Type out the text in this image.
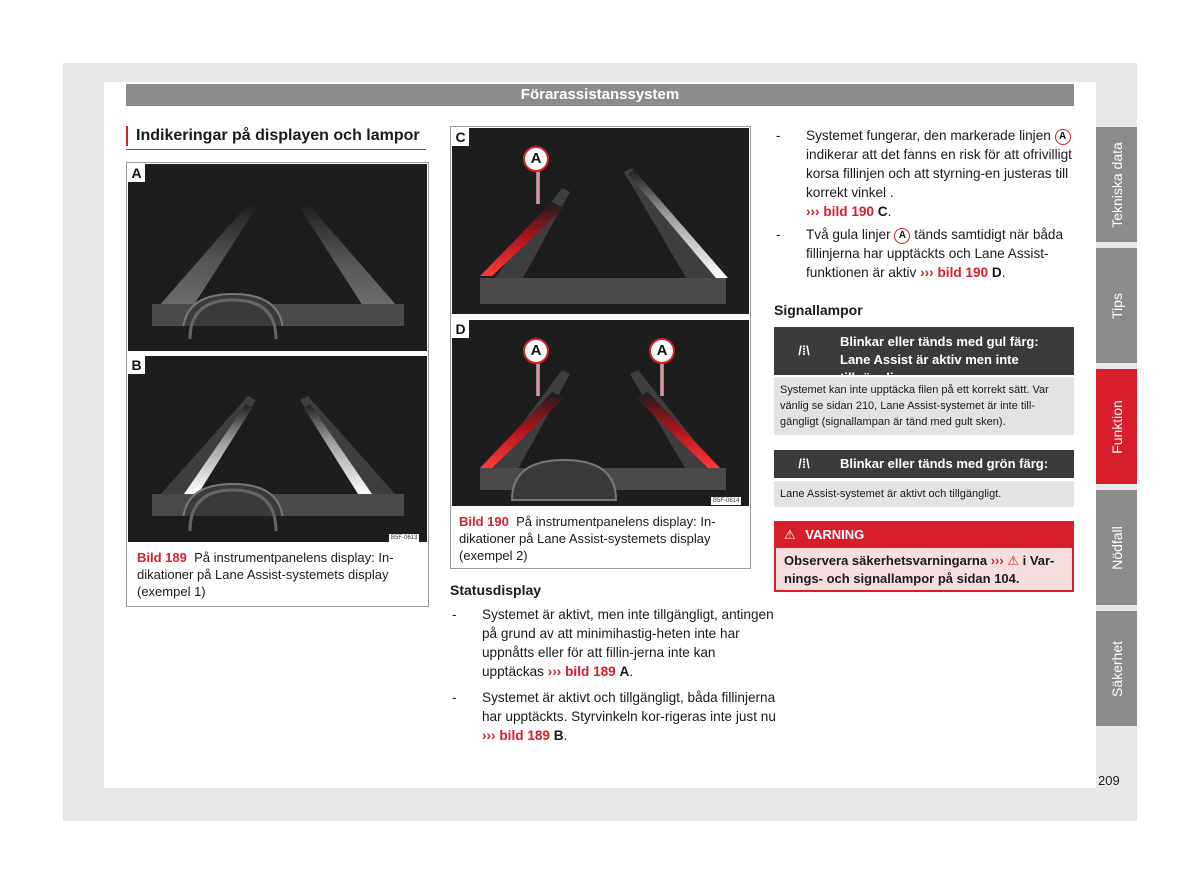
Förarassistanssystem
Indikeringar på displayen och lampor
A
B
B5F-0613
Bild 189 På instrumentpanelens display: In-dikationer på Lane Assist-systemets display (exempel 1)
C
A
D
A	A
B5F-0614
Bild 190 På instrumentpanelens display: In-dikationer på Lane Assist-systemets display (exempel 2)
Statusdisplay
- Systemet är aktivt, men inte tillgängligt, antingen på grund av att minimihastig-heten inte har uppnåtts eller för att fillin-jerna inte kan upptäckas ››› bild 189 A.
- Systemet är aktivt och tillgängligt, båda fillinjerna har upptäckts. Styrvinkeln kor-rigeras inte just nu ››› bild 189 B.
- Systemet fungerar, den markerade linjen A indikerar att det fanns en risk för att ofrivilligt korsa fillinjen och att styrning-en justeras till korrekt vinkel .
››› bild 190 C.
- Två gula linjer A tänds samtidigt när båda fillinjerna har upptäckts och Lane Assist-funktionen är aktiv ››› bild 190 D.
Signallampor
/⁞\
Blinkar eller tänds med gul färg: Lane Assist är aktiv men inte
Systemet kan inte upptäcka filen på ett korrekt sätt. Var vänlig se sidan 210, Lane Assist-systemet är inte till-gängligt (signallampan är tänd med gult sken).
/⁞\	Blinkar eller tänds med grön färg:
Lane Assist-systemet är aktivt och tillgängligt.
⚠ VARNING
Observera säkerhetsvarningarna ››› ⚠ i Var-nings- och signallampor på sidan 104.
Tekniska data
Tips
Funktion
Nödfall
Säkerhet
209
